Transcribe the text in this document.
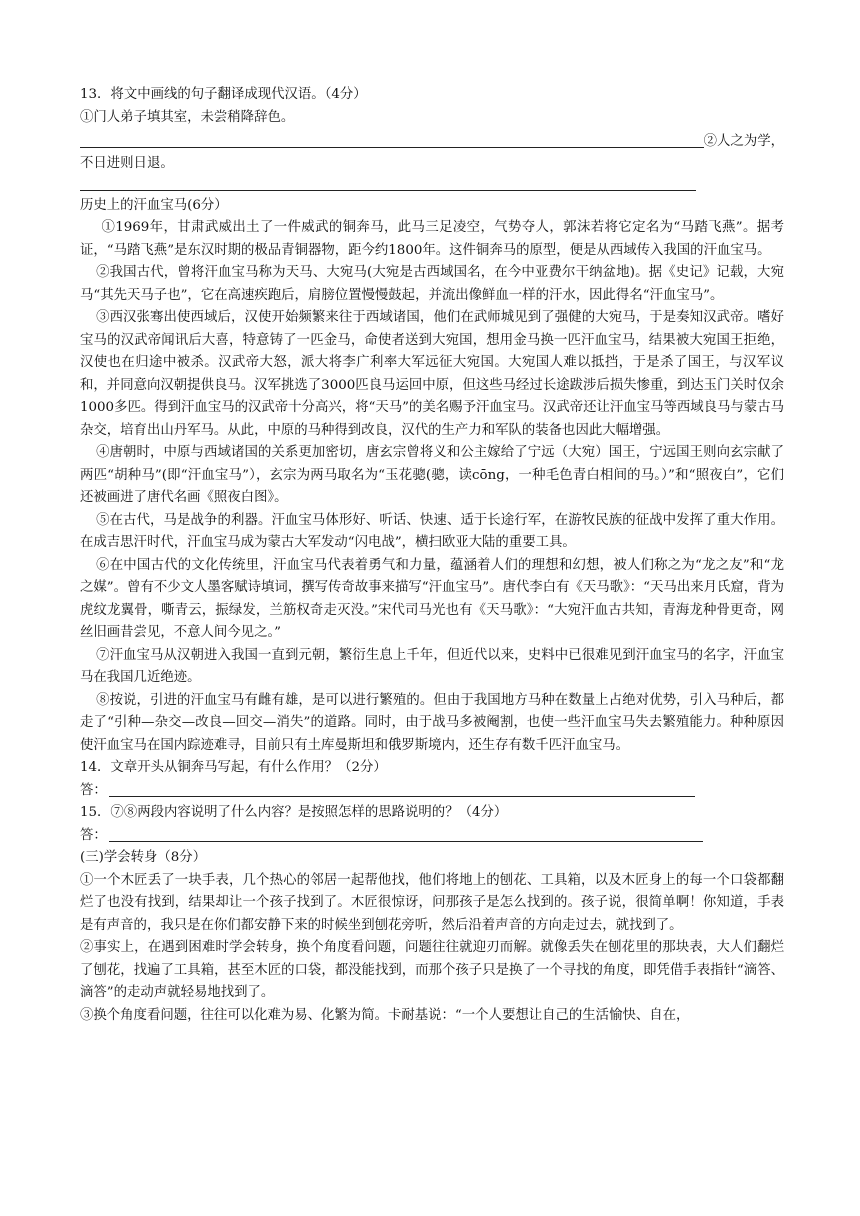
13．将文中画线的句子翻译成现代汉语。（4分）
①门人弟子填其室，未尝稍降辞色。
②人之为学，
不日进则日退。
历史上的汗血宝马(6分）
①1969年，甘肃武威出土了一件威武的铜奔马，此马三足凌空，气势夺人，郭沫若将它定名为“马踏飞燕”。据考证，“马踏飞燕”是东汉时期的极品青铜器物，距今约1800年。这件铜奔马的原型，便是从西域传入我国的汗血宝马。
②我国古代，曾将汗血宝马称为天马、大宛马(大宛是古西域国名，在今中亚费尔干纳盆地)。据《史记》记载，大宛马“其先天马子也”，它在高速疾跑后，肩膀位置慢慢鼓起，并流出像鲜血一样的汗水，因此得名“汗血宝马”。
③西汉张骞出使西域后，汉使开始频繁来往于西域诸国，他们在武师城见到了强健的大宛马，于是奏知汉武帝。嗜好宝马的汉武帝闻讯后大喜，特意铸了一匹金马，命使者送到大宛国，想用金马换一匹汗血宝马，结果被大宛国王拒绝，汉使也在归途中被杀。汉武帝大怒，派大将李广利率大军远征大宛国。大宛国人难以抵挡，于是杀了国王，与汉军议和，并同意向汉朝提供良马。汉军挑选了3000匹良马运回中原，但这些马经过长途跋涉后损失惨重，到达玉门关时仅余1000多匹。得到汗血宝马的汉武帝十分高兴，将“天马”的美名赐予汗血宝马。汉武帝还让汗血宝马等西域良马与蒙古马杂交，培育出山丹军马。从此，中原的马种得到改良，汉代的生产力和军队的装备也因此大幅增强。
④唐朝时，中原与西域诸国的关系更加密切，唐玄宗曾将义和公主嫁给了宁远（大宛）国王，宁远国王则向玄宗献了两匹“胡种马”(即“汗血宝马”），玄宗为两马取名为“玉花骢(骢，读cōng，一种毛色青白相间的马。）”和“照夜白”，它们还被画进了唐代名画《照夜白图》。
⑤在古代，马是战争的利器。汗血宝马体形好、听话、快速、适于长途行军，在游牧民族的征战中发挥了重大作用。在成吉思汗时代，汗血宝马成为蒙古大军发动“闪电战”，横扫欧亚大陆的重要工具。
⑥在中国古代的文化传统里，汗血宝马代表着勇气和力量，蕴涵着人们的理想和幻想，被人们称之为“龙之友”和“龙之媒”。曾有不少文人墨客赋诗填词，撰写传奇故事来描写“汗血宝马”。唐代李白有《天马歌》：“天马出来月氏窟，背为虎纹龙翼骨，嘶青云，振绿发，兰筋权奇走灭没。”宋代司马光也有《天马歌》：“大宛汗血古共知，青海龙种骨更奇，网丝旧画昔尝见，不意人间今见之。”
⑦汗血宝马从汉朝进入我国一直到元朝，繁衍生息上千年，但近代以来，史料中已很难见到汗血宝马的名字，汗血宝马在我国几近绝迹。
⑧按说，引进的汗血宝马有雌有雄，是可以进行繁殖的。但由于我国地方马种在数量上占绝对优势，引入马种后，都走了“引种—杂交—改良—回交—消失”的道路。同时，由于战马多被阉割，也使一些汗血宝马失去繁殖能力。种种原因使汗血宝马在国内踪迹难寻，目前只有土库曼斯坦和俄罗斯境内，还生存有数千匹汗血宝马。
14．文章开头从铜奔马写起，有什么作用？（2分）
答：
15．⑦⑧两段内容说明了什么内容？是按照怎样的思路说明的？（4分）
答：
(三)学会转身（8分）
①一个木匠丢了一块手表，几个热心的邻居一起帮他找，他们将地上的刨花、工具箱，以及木匠身上的每一个口袋都翻烂了也没有找到，结果却让一个孩子找到了。木匠很惊讶，问那孩子是怎么找到的。孩子说，很简单啊！你知道，手表是有声音的，我只是在你们都安静下来的时候坐到刨花旁听，然后沿着声音的方向走过去，就找到了。
②事实上，在遇到困难时学会转身，换个角度看问题，问题往往就迎刃而解。就像丢失在刨花里的那块表，大人们翻烂了刨花，找遍了工具箱，甚至木匠的口袋，都没能找到，而那个孩子只是换了一个寻找的角度，即凭借手表指针“滴答、滴答”的走动声就轻易地找到了。
③换个角度看问题，往往可以化难为易、化繁为简。卡耐基说：“一个人要想让自己的生活愉快、自在，
